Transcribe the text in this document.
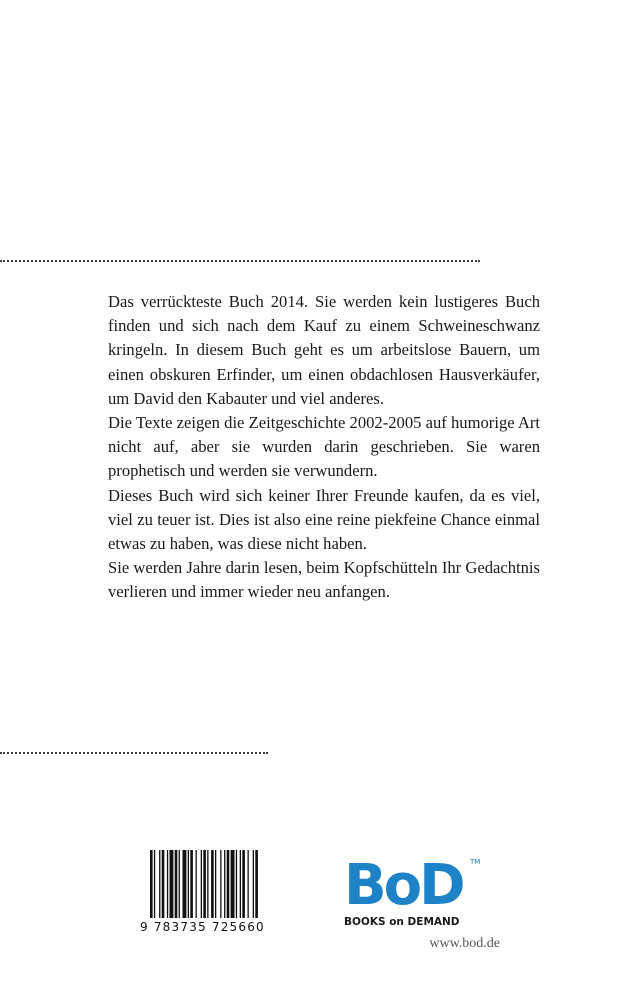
Das verrückteste Buch 2014. Sie werden kein lustigeres Buch finden und sich nach dem Kauf zu einem Schweineschwanz kringeln. In diesem Buch geht es um arbeitslose Bauern, um einen obskuren Erfinder, um einen obdachlosen Hausverkäufer, um David den Kabauter und viel anderes.

Die Texte zeigen die Zeitgeschichte 2002-2005 auf humorige Art nicht auf, aber sie wurden darin geschrieben. Sie waren prophetisch und werden sie verwundern.

Dieses Buch wird sich keiner Ihrer Freunde kaufen, da es viel, viel zu teuer ist. Dies ist also eine reine piekfeine Chance einmal etwas zu haben, was diese nicht haben.

Sie werden Jahre darin lesen, beim Kopfschütteln Ihr Gedachtnis verlieren und immer wieder neu anfangen.

9 783735 725660
BoD	TM
BOOKS on DEMAND
www.bod.de
